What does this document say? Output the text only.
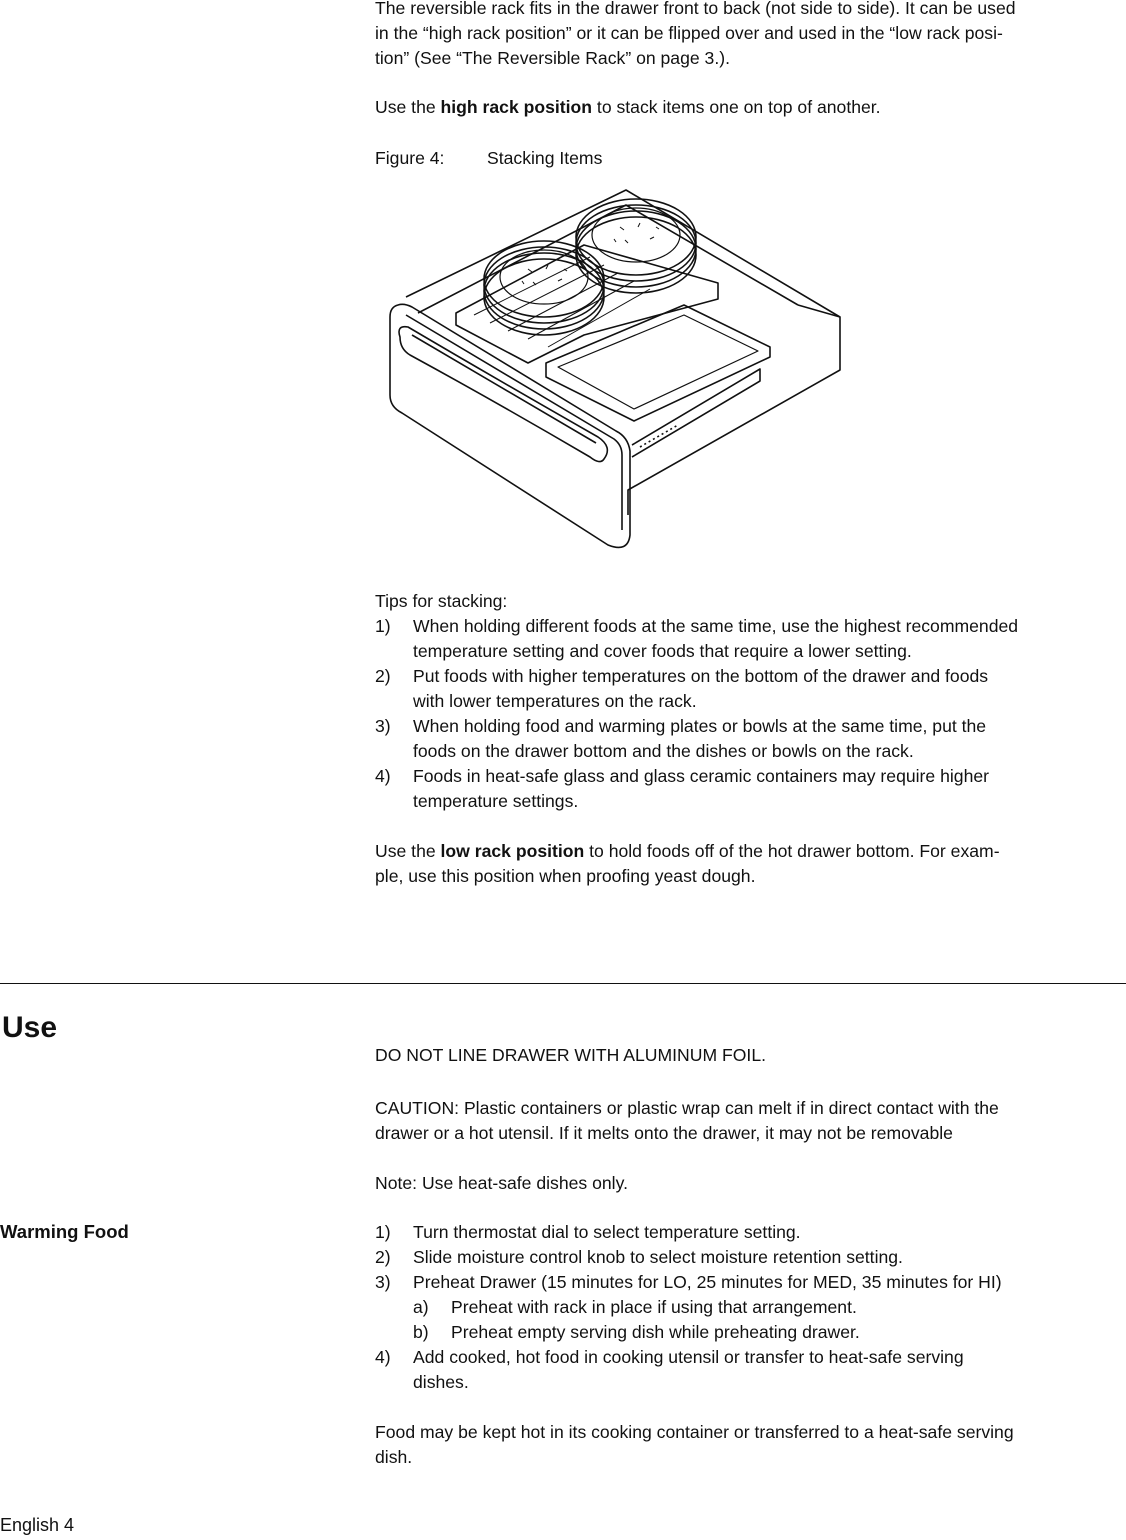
The reversible rack fits in the drawer front to back (not side to side). It can be used

in the “high rack position” or it can be flipped over and used in the “low rack posi-

tion” (See “The Reversible Rack” on page 3.).

Use the high rack position to stack items one on top of another.

Figure 4: Stacking Items
Tips for stacking:
1) When holding different foods at the same time, use the highest recommended
temperature setting and cover foods that require a lower setting.
2) Put foods with higher temperatures on the bottom of the drawer and foods
with lower temperatures on the rack.
3) When holding food and warming plates or bowls at the same time, put the
foods on the drawer bottom and the dishes or bowls on the rack.
4) Foods in heat-safe glass and glass ceramic containers may require higher
temperature settings.

Use the low rack position to hold foods off of the hot drawer bottom. For exam-

ple, use this position when proofing yeast dough.

Use
DO NOT LINE DRAWER WITH ALUMINUM FOIL.

CAUTION: Plastic containers or plastic wrap can melt if in direct contact with the

drawer or a hot utensil. If it melts onto the drawer, it may not be removable

Note: Use heat-safe dishes only.
Warming Food	1) Turn thermostat dial to select temperature setting.
2) Slide moisture control knob to select moisture retention setting.
3) Preheat Drawer (15 minutes for LO, 25 minutes for MED, 35 minutes for HI)
a) Preheat with rack in place if using that arrangement.
b) Preheat empty serving dish while preheating drawer.
4) Add cooked, hot food in cooking utensil or transfer to heat-safe serving
dishes.

Food may be kept hot in its cooking container or transferred to a heat-safe serving

dish.

English 4
